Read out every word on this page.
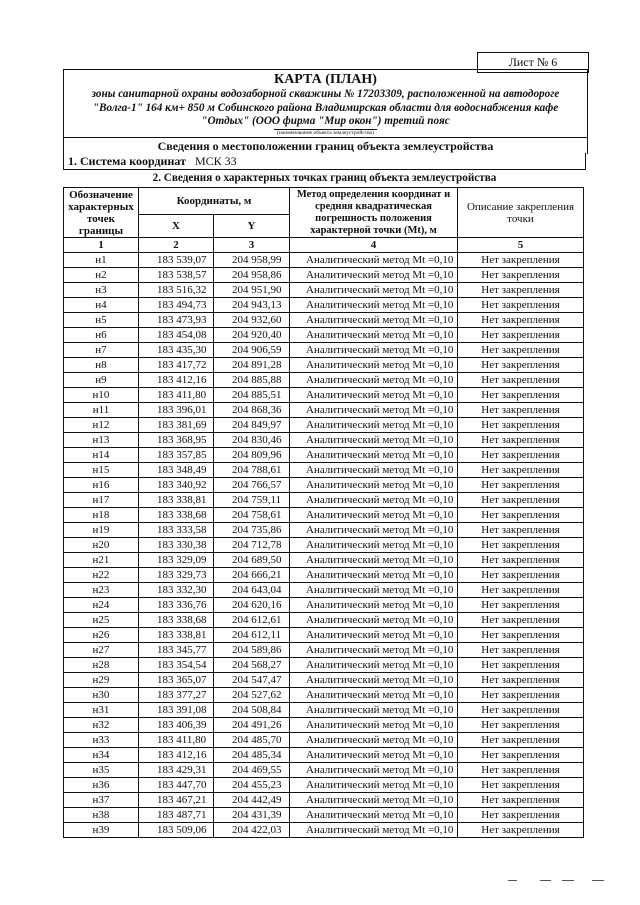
Лист № 6
КАРТА (ПЛАН)
зоны санитарной охраны водозаборной скважины № 17203309, расположенной на автодороге
"Волга-1" 164 км+ 850 м Собинского района Владимирская области для водоснабжения кафе
"Отдых" (ООО фирма "Мир окон") третий пояс
(наименование объекта землеустройства)
Сведения о местоположении границ объекта землеустройства
1. Система координат МСК 33
2. Сведения о характерных точках границ объекта землеустройства
Обозначение характерных точек границы	Координаты, м		Метод определения координат и средняя квадратическая погрешность положения характерной точки (Mt), м	Описание закрепления точки
	X	Y		
1	2	3	4	5
н1	183 539,07	204 958,99	Аналитический метод Mt =0,10	Нет закрепления
н2	183 538,57	204 958,86	Аналитический метод Mt =0,10	Нет закрепления
н3	183 516,32	204 951,90	Аналитический метод Mt =0,10	Нет закрепления
н4	183 494,73	204 943,13	Аналитический метод Mt =0,10	Нет закрепления
н5	183 473,93	204 932,60	Аналитический метод Mt =0,10	Нет закрепления
н6	183 454,08	204 920,40	Аналитический метод Mt =0,10	Нет закрепления
н7	183 435,30	204 906,59	Аналитический метод Mt =0,10	Нет закрепления
н8	183 417,72	204 891,28	Аналитический метод Mt =0,10	Нет закрепления
н9	183 412,16	204 885,88	Аналитический метод Mt =0,10	Нет закрепления
н10	183 411,80	204 885,51	Аналитический метод Mt =0,10	Нет закрепления
н11	183 396,01	204 868,36	Аналитический метод Mt =0,10	Нет закрепления
н12	183 381,69	204 849,97	Аналитический метод Mt =0,10	Нет закрепления
н13	183 368,95	204 830,46	Аналитический метод Mt =0,10	Нет закрепления
н14	183 357,85	204 809,96	Аналитический метод Mt =0,10	Нет закрепления
н15	183 348,49	204 788,61	Аналитический метод Mt =0,10	Нет закрепления
н16	183 340,92	204 766,57	Аналитический метод Mt =0,10	Нет закрепления
н17	183 338,81	204 759,11	Аналитический метод Mt =0,10	Нет закрепления
н18	183 338,68	204 758,61	Аналитический метод Mt =0,10	Нет закрепления
н19	183 333,58	204 735,86	Аналитический метод Mt =0,10	Нет закрепления
н20	183 330,38	204 712,78	Аналитический метод Mt =0,10	Нет закрепления
н21	183 329,09	204 689,50	Аналитический метод Mt =0,10	Нет закрепления
н22	183 329,73	204 666,21	Аналитический метод Mt =0,10	Нет закрепления
н23	183 332,30	204 643,04	Аналитический метод Mt =0,10	Нет закрепления
н24	183 336,76	204 620,16	Аналитический метод Mt =0,10	Нет закрепления
н25	183 338,68	204 612,61	Аналитический метод Mt =0,10	Нет закрепления
н26	183 338,81	204 612,11	Аналитический метод Mt =0,10	Нет закрепления
н27	183 345,77	204 589,86	Аналитический метод Mt =0,10	Нет закрепления
н28	183 354,54	204 568,27	Аналитический метод Mt =0,10	Нет закрепления
н29	183 365,07	204 547,47	Аналитический метод Mt =0,10	Нет закрепления
н30	183 377,27	204 527,62	Аналитический метод Mt =0,10	Нет закрепления
н31	183 391,08	204 508,84	Аналитический метод Mt =0,10	Нет закрепления
н32	183 406,39	204 491,26	Аналитический метод Mt =0,10	Нет закрепления
н33	183 411,80	204 485,70	Аналитический метод Mt =0,10	Нет закрепления
н34	183 412,16	204 485,34	Аналитический метод Mt =0,10	Нет закрепления
н35	183 429,31	204 469,55	Аналитический метод Mt =0,10	Нет закрепления
н36	183 447,70	204 455,23	Аналитический метод Mt =0,10	Нет закрепления
н37	183 467,21	204 442,49	Аналитический метод Mt =0,10	Нет закрепления
н38	183 487,71	204 431,39	Аналитический метод Mt =0,10	Нет закрепления
н39	183 509,06	204 422,03	Аналитический метод Mt =0,10	Нет закрепления
